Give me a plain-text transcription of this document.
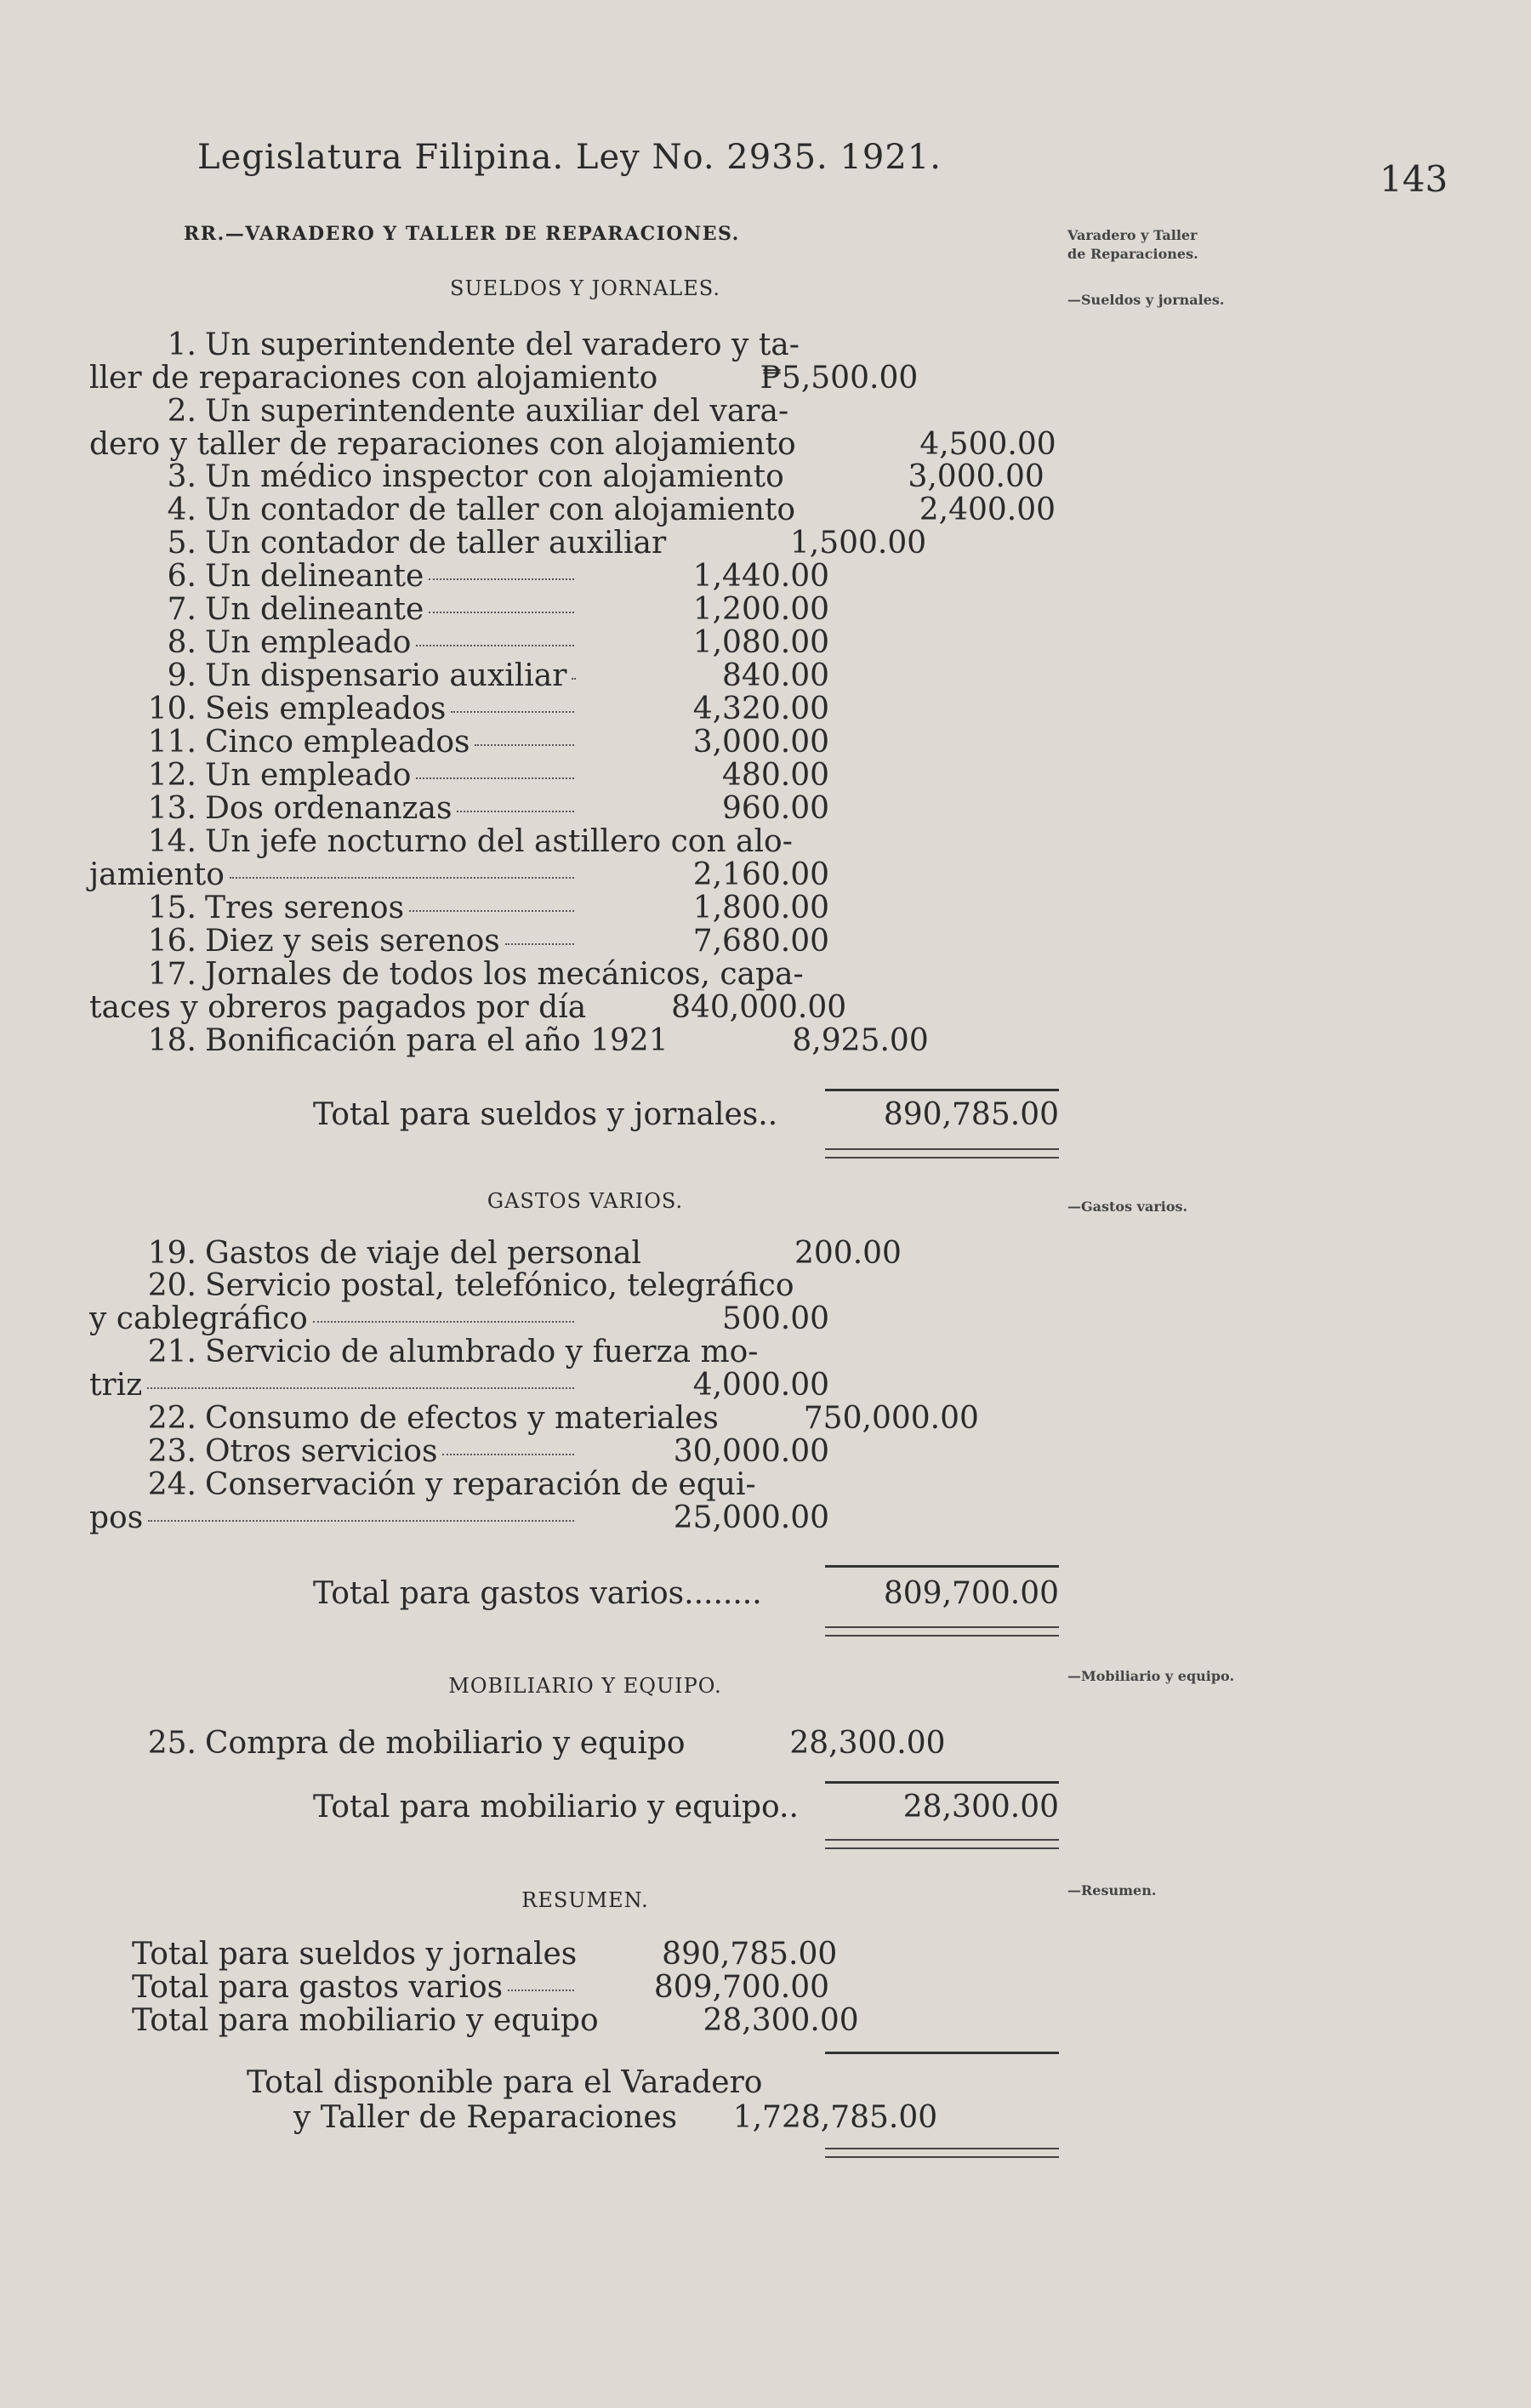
Legislatura Filipina. Ley No. 2935. 1921.
143
RR.—VARADERO Y TALLER DE REPARACIONES.	Varadero y Taller
de Reparaciones.
SUELDOS Y JORNALES.	—Sueldos y jornales.
1. Un superintendente del varadero y ta-
ller de reparaciones con alojamiento	₱5,500.00
2. Un superintendente auxiliar del vara-
dero y taller de reparaciones con alojamiento	4,500.00
3. Un médico inspector con alojamiento	3,000.00
4. Un contador de taller con alojamiento	2,400.00
5. Un contador de taller auxiliar	1,500.00
6. Un delineante	1,440.00
7. Un delineante	1,200.00
8. Un empleado	1,080.00
9. Un dispensario auxiliar	840.00
10. Seis empleados	4,320.00
11. Cinco empleados	3,000.00
12. Un empleado	480.00
13. Dos ordenanzas	960.00
14. Un jefe nocturno del astillero con alo-
jamiento	2,160.00
15. Tres serenos	1,800.00
16. Diez y seis serenos	7,680.00
17. Jornales de todos los mecánicos, capa-
taces y obreros pagados por día	840,000.00
18. Bonificación para el año 1921	8,925.00
Total para sueldos y jornales..	890,785.00
GASTOS VARIOS.	—Gastos varios.
19. Gastos de viaje del personal	200.00
20. Servicio postal, telefónico, telegráfico
y cablegráfico	500.00
21. Servicio de alumbrado y fuerza mo-
triz	4,000.00
22. Consumo de efectos y materiales	750,000.00
23. Otros servicios	30,000.00
24. Conservación y reparación de equi-
pos	25,000.00
Total para gastos varios........	809,700.00
MOBILIARIO Y EQUIPO.	—Mobiliario y equipo.
25. Compra de mobiliario y equipo	28,300.00
Total para mobiliario y equipo..	28,300.00
RESUMEN.	—Resumen.
Total para sueldos y jornales	890,785.00
Total para gastos varios	809,700.00
Total para mobiliario y equipo	28,300.00
Total disponible para el Varadero
y Taller de Reparaciones	1,728,785.00
